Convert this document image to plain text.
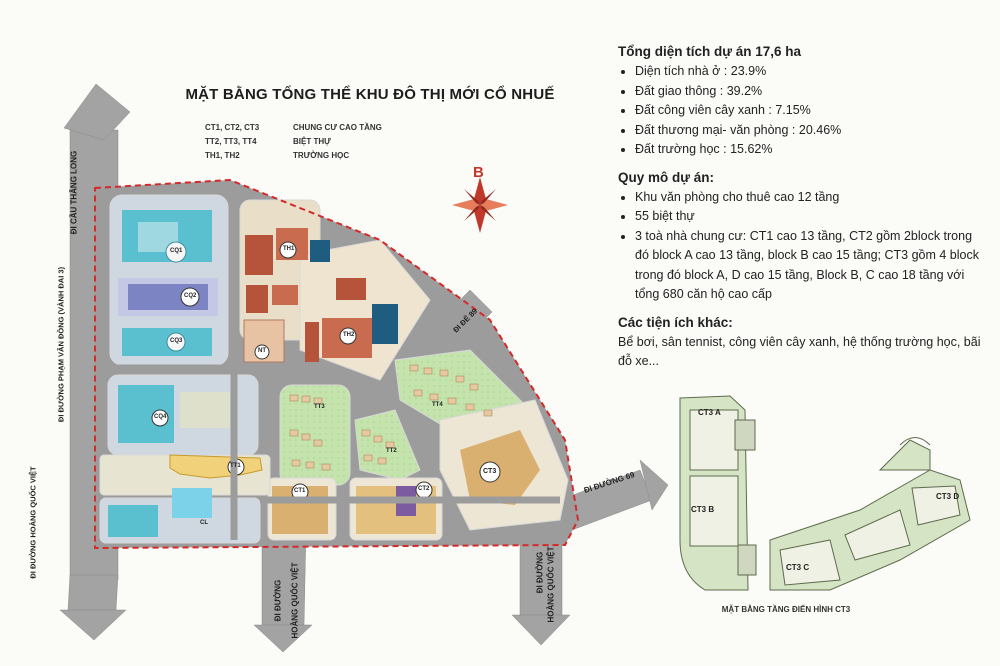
MẶT BẰNG TỔNG THỂ KHU ĐÔ THỊ MỚI CỔ NHUẾ
CT1, CT2, CT3	CHUNG CƯ CAO TẦNG
TT2, TT3, TT4	BIỆT THỰ
TH1, TH2	TRƯỜNG HỌC
B
ĐI CẦU THĂNG LONG
ĐI ĐƯỜNG PHẠM VĂN ĐỒNG (VÀNH ĐAI 3)
ĐI ĐƯỜNG HOÀNG QUỐC VIỆT
ĐI ĐÊ 89
ĐI ĐƯỜNG 69
ĐI ĐƯỜNG HOÀNG QUỐC VIỆT	ĐI ĐƯỜNG HOÀNG QUỐC VIỆT
CQ1
CQ2
CQ3
CQ4
TH1
TH2
TT1
TT2
TT3	TT4
CT1	CT2
CT3
NT
CL
CT3 A
CT3 B
CT3 C
CT3 D
MẶT BẰNG TẦNG ĐIỂN HÌNH CT3
Tổng diện tích dự án 17,6 ha
• Diện tích nhà ở : 23.9%
• Đất giao thông : 39.2%
• Đất công viên cây xanh : 7.15%
• Đất thương mại- văn phòng : 20.46%
• Đất trường học : 15.62%
Quy mô dự án:
• Khu văn phòng cho thuê cao 12 tầng
• 55 biệt thự
• 3 toà nhà chung cư: CT1 cao 13 tầng, CT2 gồm 2block trong đó block A cao 13 tầng, block B cao 15 tầng; CT3 gồm 4 block trong đó block A, D cao 15 tầng, Block B, C cao 18 tầng với tổng 680 căn hộ cao cấp
Các tiện ích khác:

Bể bơi, sân tennist, công viên cây xanh, hệ thống trường học, bãi đỗ xe...
